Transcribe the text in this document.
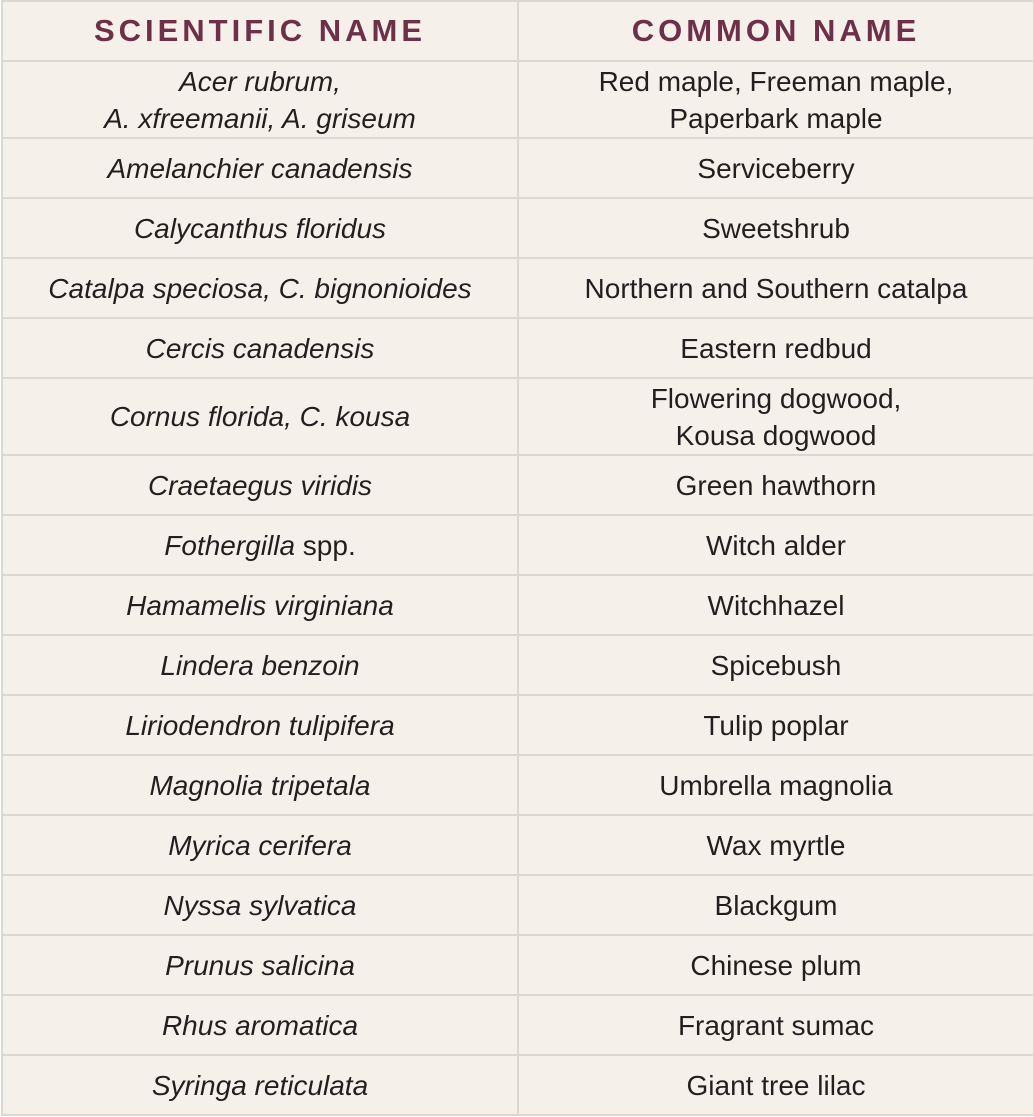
SCIENTIFIC NAME	COMMON NAME

Acer rubrum,
A. xfreemanii, A. griseum	Red maple, Freeman maple,
Paperbark maple

Amelanchier canadensis	Serviceberry
Calycanthus floridus	Sweetshrub
Catalpa speciosa, C. bignonioides	Northern and Southern catalpa
Cercis canadensis	Eastern redbud
Cornus florida, C. kousa	Flowering dogwood,
Kousa dogwood

Craetaegus viridis	Green hawthorn
Fothergilla spp.	Witch alder
Hamamelis virginiana	Witchhazel
Lindera benzoin	Spicebush
Liriodendron tulipifera	Tulip poplar
Magnolia tripetala	Umbrella magnolia
Myrica cerifera	Wax myrtle
Nyssa sylvatica	Blackgum
Prunus salicina	Chinese plum
Rhus aromatica	Fragrant sumac
Syringa reticulata	Giant tree lilac
